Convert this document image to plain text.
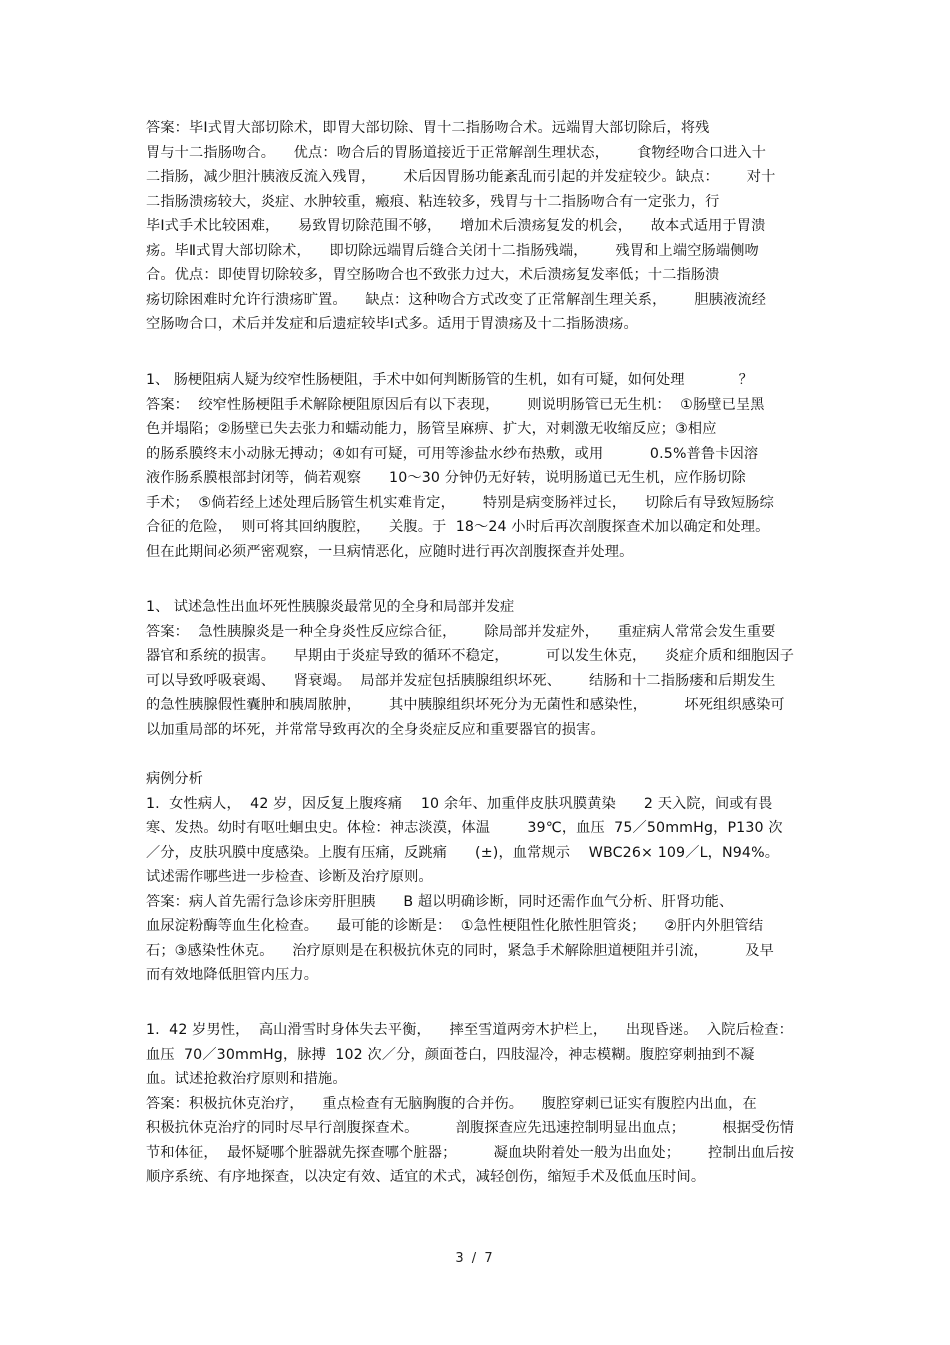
答案：毕Ⅰ式胃大部切除术，即胃大部切除、胃十二指肠吻合术。远端胃大部切除后，将残
胃与十二指肠吻合。    优点：吻合后的胃肠道接近于正常解剖生理状态，      食物经吻合口进入十
二指肠，减少胆汁胰液反流入残胃，      术后因胃肠功能紊乱而引起的并发症较少。缺点：      对十
二指肠溃疡较大，炎症、水肿较重，瘢痕、粘连较多，残胃与十二指肠吻合有一定张力，行
毕Ⅰ式手术比较困难，    易致胃切除范围不够，    增加术后溃疡复发的机会，    故本式适用于胃溃
疡。毕Ⅱ式胃大部切除术，    即切除远端胃后缝合关闭十二指肠残端，      残胃和上端空肠端侧吻
合。优点：即使胃切除较多，胃空肠吻合也不致张力过大，术后溃疡复发率低；十二指肠溃
疡切除困难时允许行溃疡旷置。    缺点：这种吻合方式改变了正常解剖生理关系，      胆胰液流经
空肠吻合口，术后并发症和后遗症较毕Ⅰ式多。适用于胃溃疡及十二指肠溃疡。
1、 肠梗阻病人疑为绞窄性肠梗阻，手术中如何判断肠管的生机，如有可疑，如何处理            ？
答案：  绞窄性肠梗阻手术解除梗阻原因后有以下表现，      则说明肠管已无生机：  ①肠壁已呈黑
色并塌陷；②肠壁已失去张力和蠕动能力，肠管呈麻痹、扩大，对刺激无收缩反应；③相应
的肠系膜终末小动脉无搏动；④如有可疑，可用等渗盐水纱布热敷，或用          0.5%普鲁卡因溶
液作肠系膜根部封闭等，倘若观察      10～30 分钟仍无好转，说明肠道已无生机，应作肠切除
手术；  ⑤倘若经上述处理后肠管生机实难肯定，      特别是病变肠袢过长，    切除后有导致短肠综
合征的危险，  则可将其回纳腹腔，    关腹。于  18～24 小时后再次剖腹探查术加以确定和处理。
但在此期间必须严密观察，一旦病情恶化，应随时进行再次剖腹探查并处理。
1、 试述急性出血坏死性胰腺炎最常见的全身和局部并发症
答案：  急性胰腺炎是一种全身炎性反应综合征，      除局部并发症外，    重症病人常常会发生重要
器官和系统的损害。    早期由于炎症导致的循环不稳定，        可以发生休克，    炎症介质和细胞因子
可以导致呼吸衰竭、    肾衰竭。  局部并发症包括胰腺组织坏死、      结肠和十二指肠瘘和后期发生
的急性胰腺假性囊肿和胰周脓肿，      其中胰腺组织坏死分为无菌性和感染性，        坏死组织感染可
以加重局部的坏死，并常常导致再次的全身炎症反应和重要器官的损害。
病例分析
1.  女性病人，  42 岁，因反复上腹疼痛    10 余年、加重伴皮肤巩膜黄染      2 天入院，间或有畏
寒、发热。幼时有呕吐蛔虫史。体检：神志淡漠，体温        39℃，血压  75／50mmHg，P130 次
／分，皮肤巩膜中度感染。上腹有压痛，反跳痛      (±)，血常规示    WBC26× 109／L，N94%。
试述需作哪些进一步检查、诊断及治疗原则。
答案：病人首先需行急诊床旁肝胆胰      B 超以明确诊断，同时还需作血气分析、肝肾功能、
血尿淀粉酶等血生化检查。    最可能的诊断是：  ①急性梗阻性化脓性胆管炎；    ②肝内外胆管结
石；③感染性休克。    治疗原则是在积极抗休克的同时，紧急手术解除胆道梗阻并引流，        及早
而有效地降低胆管内压力。
1.  42 岁男性，  高山滑雪时身体失去平衡，    摔至雪道两旁木护栏上，    出现昏迷。  入院后检查：
血压  70／30mmHg，脉搏  102 次／分，颜面苍白，四肢湿冷，神志模糊。腹腔穿刺抽到不凝
血。试述抢救治疗原则和措施。
答案：积极抗休克治疗，    重点检查有无脑胸腹的合并伤。    腹腔穿刺已证实有腹腔内出血，在
积极抗休克治疗的同时尽早行剖腹探查术。        剖腹探查应先迅速控制明显出血点；        根据受伤情
节和体征，  最怀疑哪个脏器就先探查哪个脏器；        凝血块附着处一般为出血处；      控制出血后按
顺序系统、有序地探查，以决定有效、适宜的术式，减轻创伤，缩短手术及低血压时间。
3 / 7
